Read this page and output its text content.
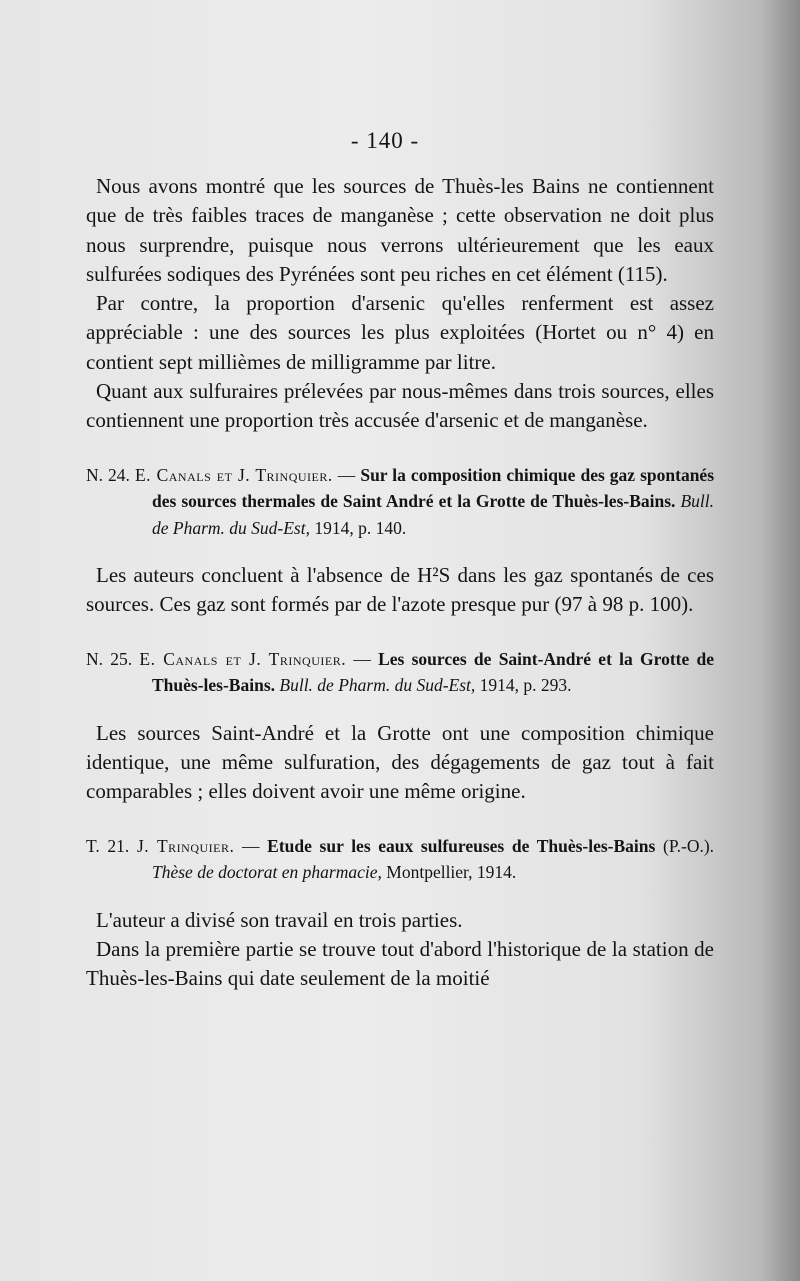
- 140 -

Nous avons montré que les sources de Thuès-les Bains ne contiennent que de très faibles traces de manganèse ; cette observation ne doit plus nous surprendre, puisque nous verrons ultérieurement que les eaux sulfurées sodiques des Pyrénées sont peu riches en cet élément (115).

Par contre, la proportion d'arsenic qu'elles renferment est assez appréciable : une des sources les plus exploitées (Hortet ou n° 4) en contient sept millièmes de milligramme par litre.

Quant aux sulfuraires prélevées par nous-mêmes dans trois sources, elles contiennent une proportion très accusée d'arsenic et de manganèse.

N. 24. E. Canals et J. Trinquier. — Sur la composition chimique des gaz spontanés des sources thermales de Saint André et la Grotte de Thuès-les-Bains. Bull. de Pharm. du Sud-Est, 1914, p. 140.

Les auteurs concluent à l'absence de H²S dans les gaz spontanés de ces sources. Ces gaz sont formés par de l'azote presque pur (97 à 98 p. 100).

N. 25. E. Canals et J. Trinquier. — Les sources de Saint-André et la Grotte de Thuès-les-Bains. Bull. de Pharm. du Sud-Est, 1914, p. 293.

Les sources Saint-André et la Grotte ont une composition chimique identique, une même sulfuration, des dégagements de gaz tout à fait comparables ; elles doivent avoir une même origine.

T. 21. J. Trinquier. — Etude sur les eaux sulfureuses de Thuès-les-Bains (P.-O.). Thèse de doctorat en pharmacie, Montpellier, 1914.

L'auteur a divisé son travail en trois parties.

Dans la première partie se trouve tout d'abord l'historique de la station de Thuès-les-Bains qui date seulement de la moitié
